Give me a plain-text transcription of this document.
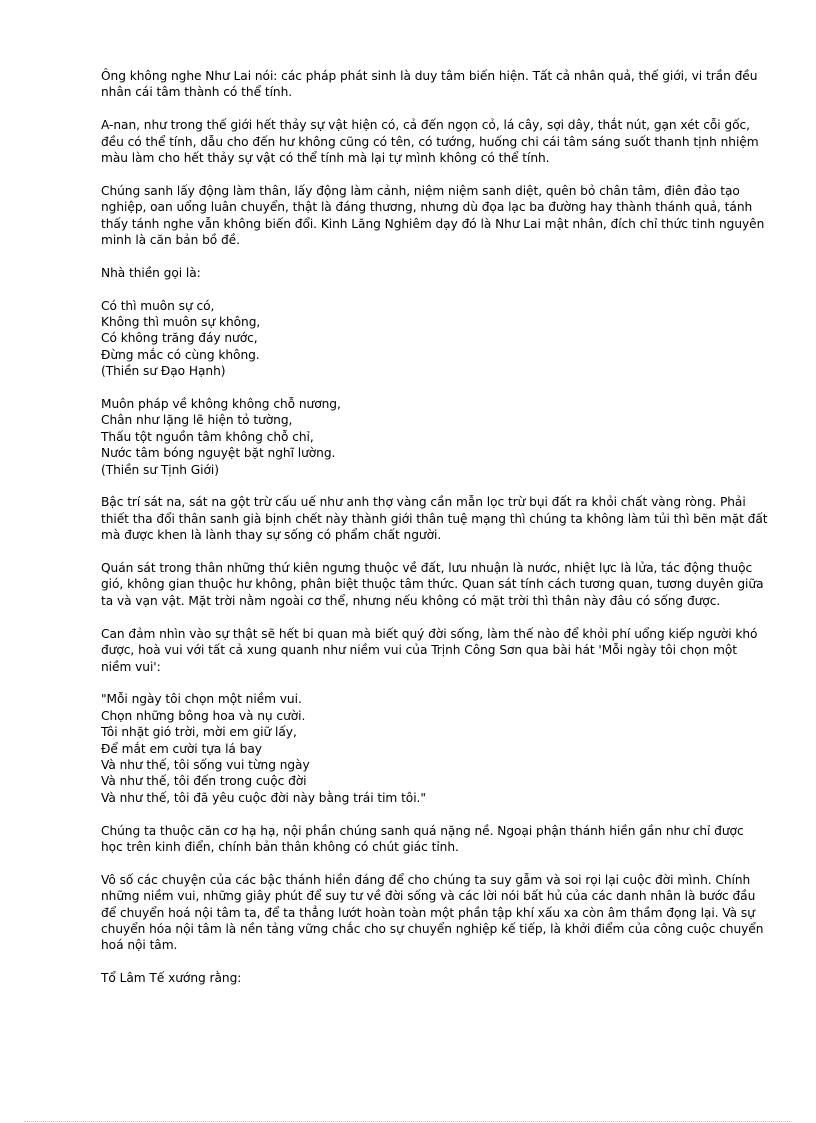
Ông không nghe Như Lai nói: các pháp phát sinh là duy tâm biến hiện. Tất cả nhân quả, thế giới, vi trần đều
nhân cái tâm thành có thể tính.
A-nan, như trong thế giới hết thảy sự vật hiện có, cả đến ngọn cỏ, lá cây, sợi dây, thắt nút, gạn xét cỗi gốc,
đều có thể tính, dẫu cho đến hư không cũng có tên, có tướng, huống chi cái tâm sáng suốt thanh tịnh nhiệm
màu làm cho hết thảy sự vật có thể tính mà lại tự mình không có thể tính.
Chúng sanh lấy động làm thân, lấy động làm cảnh, niệm niệm sanh diệt, quên bỏ chân tâm, điên đảo tạo
nghiệp, oan uổng luân chuyển, thật là đáng thương, nhưng dù đọa lạc ba đường hay thành thánh quả, tánh
thấy tánh nghe vẫn không biến đổi. Kinh Lăng Nghiêm dạy đó là Như Lai mật nhân, đích chỉ thức tinh nguyên
minh là căn bản bồ đề.
Nhà thiền gọi là:
Có thì muôn sự có,
Không thì muôn sự không,
Có không trăng đáy nước,
Đừng mắc có cùng không.
(Thiền sư Đạo Hạnh)
Muôn pháp về không không chỗ nương,
Chân như lặng lẽ hiện tỏ tường,
Thấu tột nguồn tâm không chỗ chỉ,
Nước tâm bóng nguyệt bặt nghĩ lường.
(Thiền sư Tịnh Giới)
Bậc trí sát na, sát na gột trừ cấu uế như anh thợ vàng cần mẫn lọc trừ bụi đất ra khỏi chất vàng ròng. Phải
thiết tha đổi thân sanh già bịnh chết này thành giới thân tuệ mạng thì chúng ta không làm tủi thì bẽn mặt đất
mà được khen là lành thay sự sống có phẩm chất người.
Quán sát trong thân những thứ kiên ngưng thuộc về đất, lưu nhuận là nước, nhiệt lực là lửa, tác động thuộc
gió, không gian thuộc hư không, phân biệt thuộc tâm thức. Quan sát tính cách tương quan, tương duyên giữa
ta và vạn vật. Mặt trời nằm ngoài cơ thể, nhưng nếu không có mặt trời thì thân này đâu có sống được.
Can đảm nhìn vào sự thật sẽ hết bi quan mà biết quý đời sống, làm thế nào để khỏi phí uổng kiếp người khó
được, hoà vui với tất cả xung quanh như niềm vui của Trịnh Công Sơn qua bài hát 'Mỗi ngày tôi chọn một
niềm vui':
"Mỗi ngày tôi chọn một niềm vui.
Chọn những bông hoa và nụ cười.
Tôi nhặt gió trời, mời em giữ lấy,
Để mắt em cười tựa lá bay
Và như thế, tôi sống vui từng ngày
Và như thế, tôi đến trong cuộc đời
Và như thế, tôi đã yêu cuộc đời này bằng trái tim tôi."
Chúng ta thuộc căn cơ hạ hạ, nội phần chúng sanh quá nặng nề. Ngoại phận thánh hiền gần như chỉ được
học trên kinh điển, chính bản thân không có chút giác tỉnh.
Vô số các chuyện của các bậc thánh hiền đáng để cho chúng ta suy gẫm và soi rọi lại cuộc đời mình. Chính
những niềm vui, những giây phút để suy tư về đời sống và các lời nói bất hủ của các danh nhân là bước đầu
để chuyển hoá nội tâm ta, để ta thẳng lướt hoàn toàn một phần tập khí xấu xa còn âm thầm đọng lại. Và sự
chuyển hóa nội tâm là nền tảng vững chắc cho sự chuyển nghiệp kế tiếp, là khởi điểm của công cuộc chuyển
hoá nội tâm.
Tổ Lâm Tế xướng rằng:
